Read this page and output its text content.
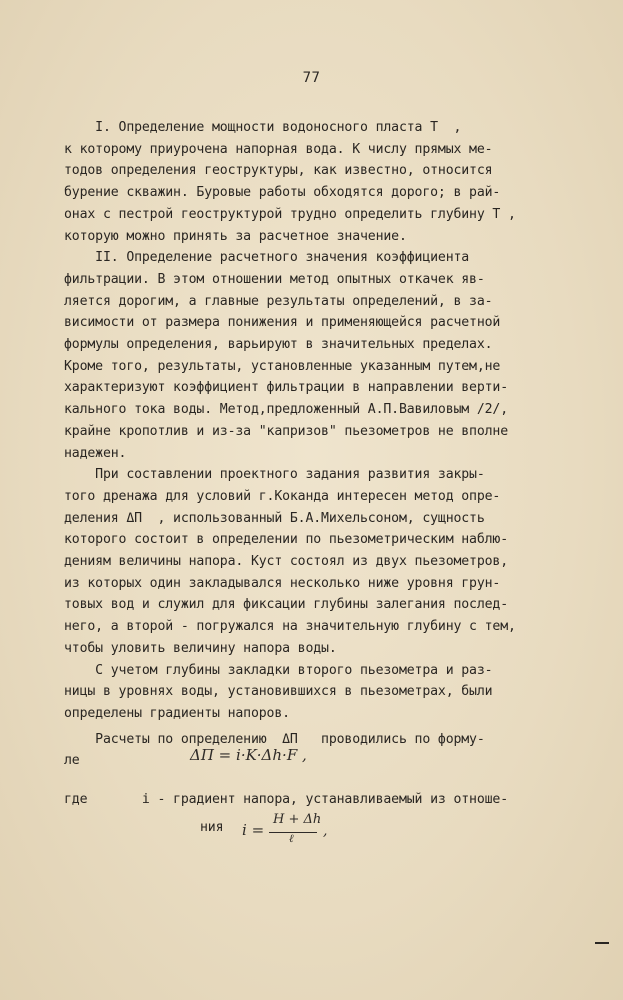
77
I. Определение мощности водоносного пласта Т  ,
к которому приурочена напорная вода. К числу прямых ме-
тодов определения геоструктуры, как известно, относится
бурение скважин. Буровые работы обходятся дорого; в рай-
онах с пестрой геоструктурой трудно определить глубину Т ,
которую можно принять за расчетное значение.
II. Определение расчетного значения коэффициента
фильтрации. В этом отношении метод опытных откачек яв-
ляется дорогим, а главные результаты определений, в за-
висимости от размера понижения и применяющейся расчетной
формулы определения, варьируют в значительных пределах.
Кроме того, результаты, установленные указанным путем,не
характеризуют коэффициент фильтрации в направлении верти-
кального тока воды. Метод,предложенный А.П.Вавиловым /2/,
крайне кропотлив и из-за "капризов" пьезометров не вполне
надежен.
При составлении проектного задания развития закры-
того дренажа для условий г.Коканда интересен метод опре-
деления ΔП  , использованный Б.А.Михельсоном, сущность
которого состоит в определении по пьезометрическим наблю-
дениям величины напора. Куст состоял из двух пьезометров,
из которых один закладывался несколько ниже уровня грун-
товых вод и служил для фиксации глубины залегания послед-
него, а второй - погружался на значительную глубину с тем,
чтобы уловить величину напора воды.
С учетом глубины закладки второго пьезометра и раз-
ницы в уровнях воды, установившихся в пьезометрах, были
определены градиенты напоров.
Расчеты по определению  ΔП   проводились по форму-
ле	ΔП = i·K·Δh·F ,
где       i - градиент напора, устанавливаемый из отноше-
ния	i =
H + Δh
ℓ ,
